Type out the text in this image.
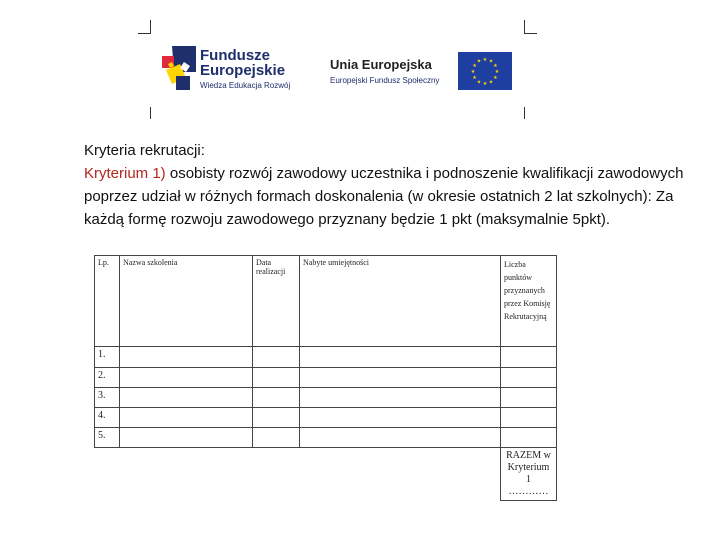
Fundusze
Europejskie
Wiedza Edukacja Rozwój
Unia Europejska
Europejski Fundusz Społeczny
★ ★
★
★
★
★
★
★
★
★
★
★
Kryteria rekrutacji:
Kryterium 1) osobisty rozwój zawodowy uczestnika i podnoszenie kwalifikacji zawodowych poprzez udział w różnych formach doskonalenia (w okresie ostatnich 2 lat szkolnych): Za każdą formę rozwoju zawodowego przyznany będzie 1 pkt (maksymalnie 5pkt).
Lp.	Nazwa szkolenia	Data realizacji	Nabyte umiejętności	Liczba punktów przyznanych przez Komisję Rekrutacyjną
1.				
2.				
3.				
4.				
5.				

				RAZEM w
Kryterium
1
…………
